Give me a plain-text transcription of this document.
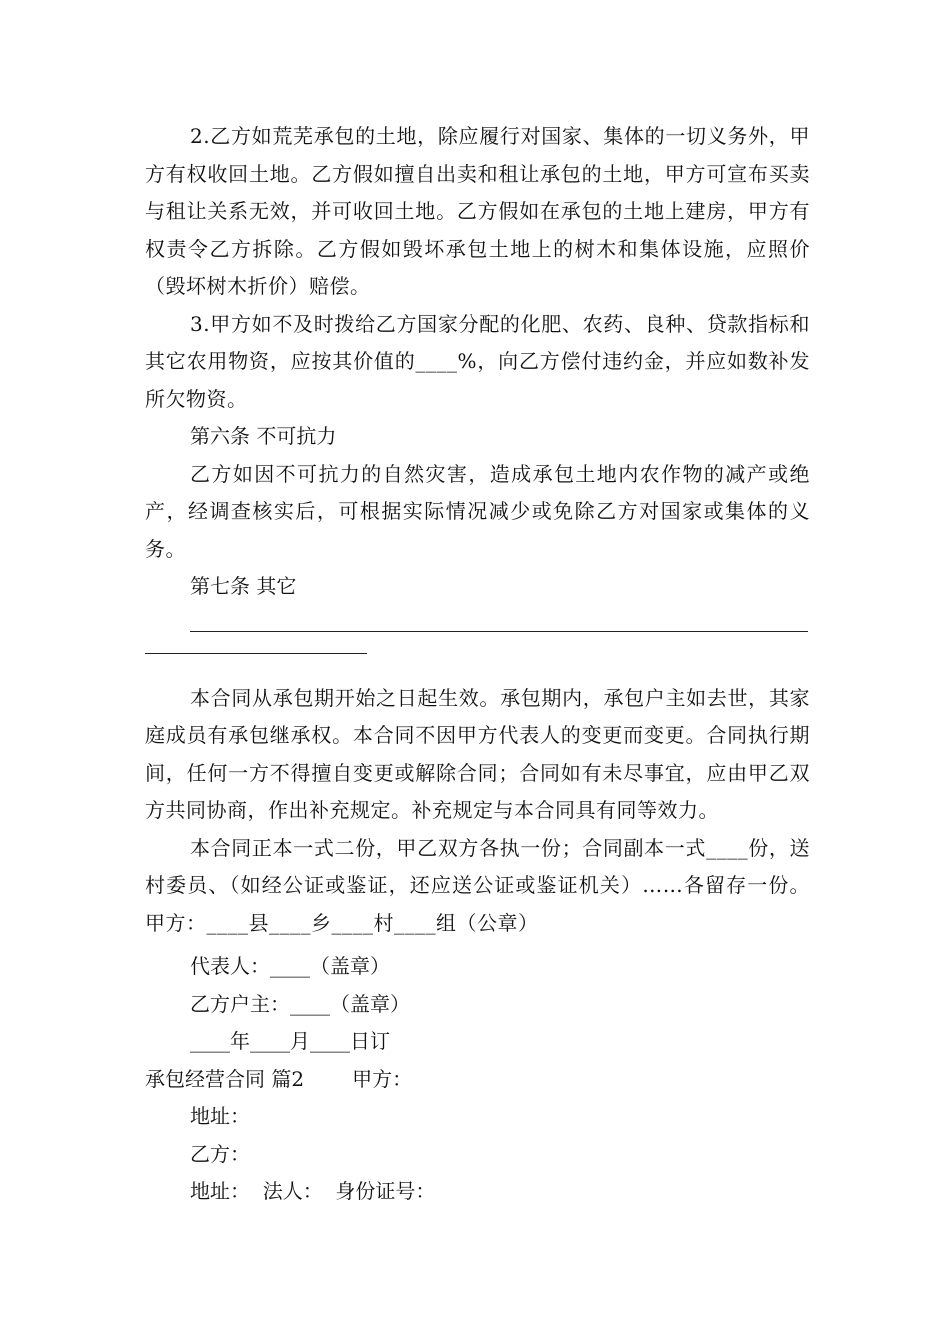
2.乙方如荒芜承包的土地，除应履行对国家、集体的一切义务外，甲方有权收回土地。乙方假如擅自出卖和租让承包的土地，甲方可宣布买卖与租让关系无效，并可收回土地。乙方假如在承包的土地上建房，甲方有权责令乙方拆除。乙方假如毁坏承包土地上的树木和集体设施，应照价（毁坏树木折价）赔偿。

3.甲方如不及时拨给乙方国家分配的化肥、农药、良种、贷款指标和其它农用物资，应按其价值的____%，向乙方偿付违约金，并应如数补发所欠物资。

第六条 不可抗力

乙方如因不可抗力的自然灾害，造成承包土地内农作物的减产或绝产，经调查核实后，可根据实际情况减少或免除乙方对国家或集体的义务。

第七条 其它

本合同从承包期开始之日起生效。承包期内，承包户主如去世，其家庭成员有承包继承权。本合同不因甲方代表人的变更而变更。合同执行期间，任何一方不得擅自变更或解除合同；合同如有未尽事宜，应由甲乙双方共同协商，作出补充规定。补充规定与本合同具有同等效力。

本合同正本一式二份，甲乙双方各执一份；合同副本一式____份，送村委员、（如经公证或鉴证，还应送公证或鉴证机关）……各留存一份。 甲方：____县____乡____村____组（公章）

代表人：____（盖章）

乙方户主：____（盖章）

____年____月____日订

承包经营合同 篇2 甲方：

地址：

乙方：

地址：  法人：  身份证号：
